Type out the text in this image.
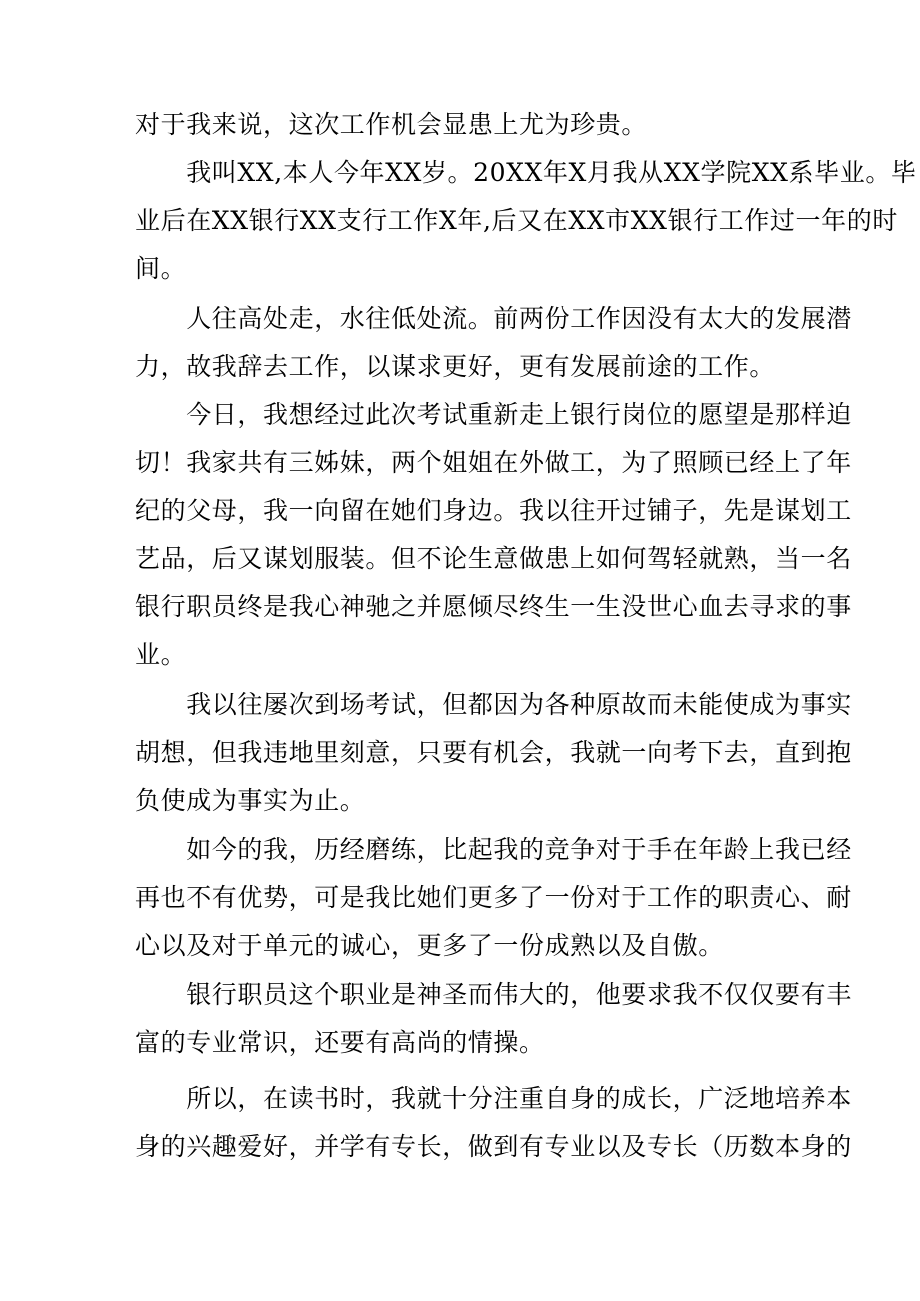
对于我来说，这次工作机会显患上尤为珍贵。
　　我叫XX,本人今年XX岁。20XX年X月我从XX学院XX系毕业。毕
业后在XX银行XX支行工作X年,后又在XX市XX银行工作过一年的时
间。
　　人往高处走，水往低处流。前两份工作因没有太大的发展潜
力，故我辞去工作，以谋求更好，更有发展前途的工作。
　　今日，我想经过此次考试重新走上银行岗位的愿望是那样迫
切！我家共有三姊妹，两个姐姐在外做工，为了照顾已经上了年
纪的父母，我一向留在她们身边。我以往开过铺子，先是谋划工
艺品，后又谋划服装。但不论生意做患上如何驾轻就熟，当一名
银行职员终是我心神驰之并愿倾尽终生一生没世心血去寻求的事
业。
　　我以往屡次到场考试，但都因为各种原故而未能使成为事实
胡想，但我违地里刻意，只要有机会，我就一向考下去，直到抱
负使成为事实为止。
　　如今的我，历经磨练，比起我的竞争对于手在年龄上我已经
再也不有优势，可是我比她们更多了一份对于工作的职责心、耐
心以及对于单元的诚心，更多了一份成熟以及自傲。
　　银行职员这个职业是神圣而伟大的，他要求我不仅仅要有丰
富的专业常识，还要有高尚的情操。
　　所以，在读书时，我就十分注重自身的成长，广泛地培养本
身的兴趣爱好，并学有专长，做到有专业以及专长（历数本身的
